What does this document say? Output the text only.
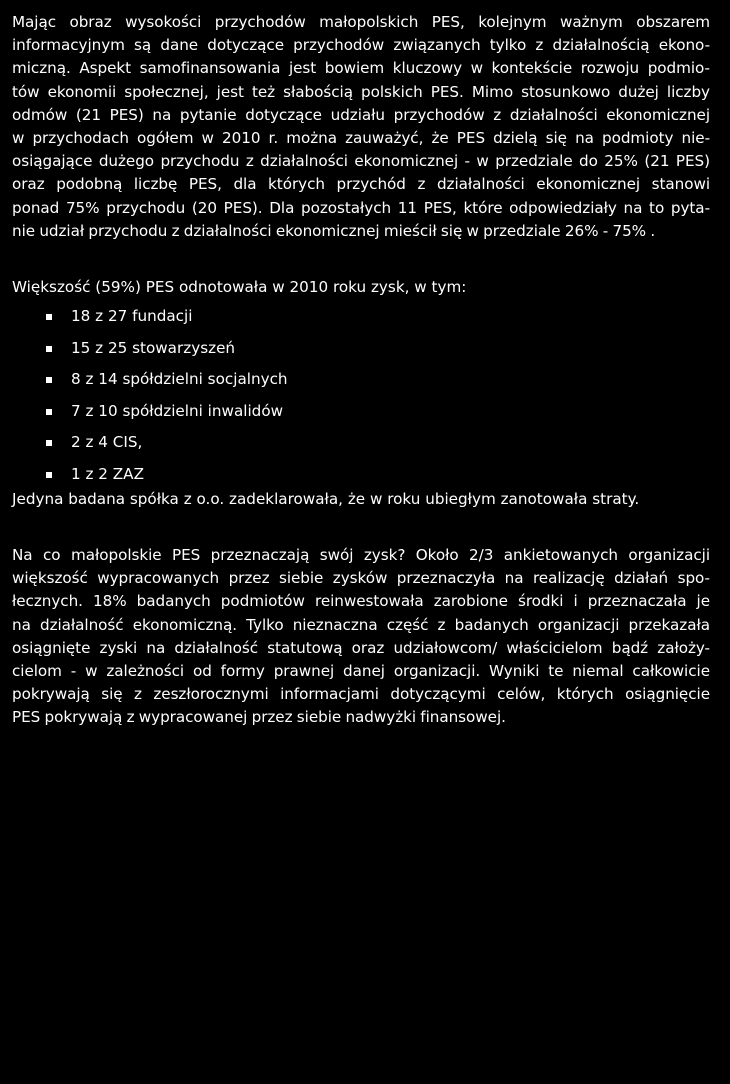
Mając obraz wysokości przychodów małopolskich PES, kolejnym ważnym obszarem
informacyjnym są dane dotyczące przychodów związanych tylko z działalnością ekono-
miczną. Aspekt samofinansowania jest bowiem kluczowy w kontekście rozwoju podmio-
tów ekonomii społecznej, jest też słabością polskich PES. Mimo stosunkowo dużej liczby
odmów (21 PES) na pytanie dotyczące udziału przychodów z działalności ekonomicznej
w przychodach ogółem w 2010 r. można zauważyć, że PES dzielą się na podmioty nie-
osiągające dużego przychodu z działalności ekonomicznej - w przedziale do 25% (21 PES)
oraz podobną liczbę PES, dla których przychód z działalności ekonomicznej stanowi
ponad 75% przychodu (20 PES). Dla pozostałych 11 PES, które odpowiedziały na to pyta-
nie udział przychodu z działalności ekonomicznej mieścił się w przedziale 26% - 75% .

Większość (59%) PES odnotowała w 2010 roku zysk, w tym:

18 z 27 fundacji
15 z 25 stowarzyszeń
8 z 14 spółdzielni socjalnych
7 z 10 spółdzielni inwalidów
2 z 4 CIS,
1 z 2 ZAZ

Jedyna badana spółka z o.o. zadeklarowała, że w roku ubiegłym zanotowała straty.

Na co małopolskie PES przeznaczają swój zysk? Około 2/3 ankietowanych organizacji
większość wypracowanych przez siebie zysków przeznaczyła na realizację działań spo-
łecznych. 18% badanych podmiotów reinwestowała zarobione środki i przeznaczała je
na działalność ekonomiczną. Tylko nieznaczna część z badanych organizacji przekazała
osiągnięte zyski na działalność statutową oraz udziałowcom/ właścicielom bądź założy-
cielom - w zależności od formy prawnej danej organizacji. Wyniki te niemal całkowicie
pokrywają się z zeszłorocznymi informacjami dotyczącymi celów, których osiągnięcie
PES pokrywają z wypracowanej przez siebie nadwyżki finansowej.
